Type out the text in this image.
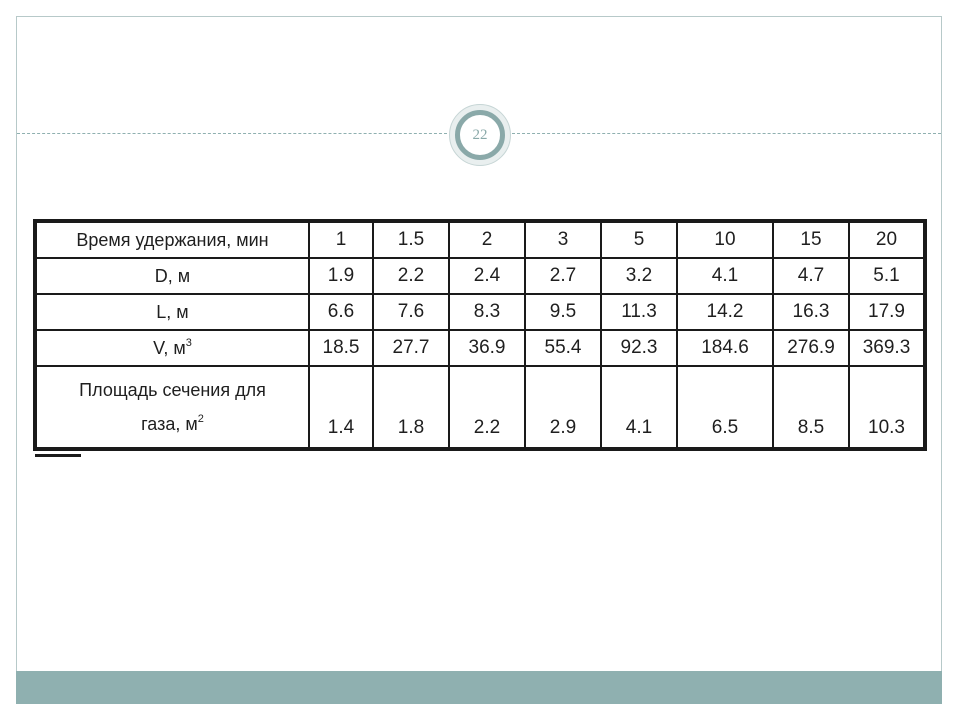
22
Время удержания, мин	1	1.5	2	3	5	10	15	20
D, м	1.9	2.2	2.4	2.7	3.2	4.1	4.7	5.1
L, м	6.6	7.6	8.3	9.5	11.3	14.2	16.3	17.9
V, $м^3$	18.5	27.7	36.9	55.4	92.3	184.6	276.9	369.3
Площадь сечения для
газа, $м^2$	1.4	1.8	2.2	2.9	4.1	6.5	8.5	10.3
